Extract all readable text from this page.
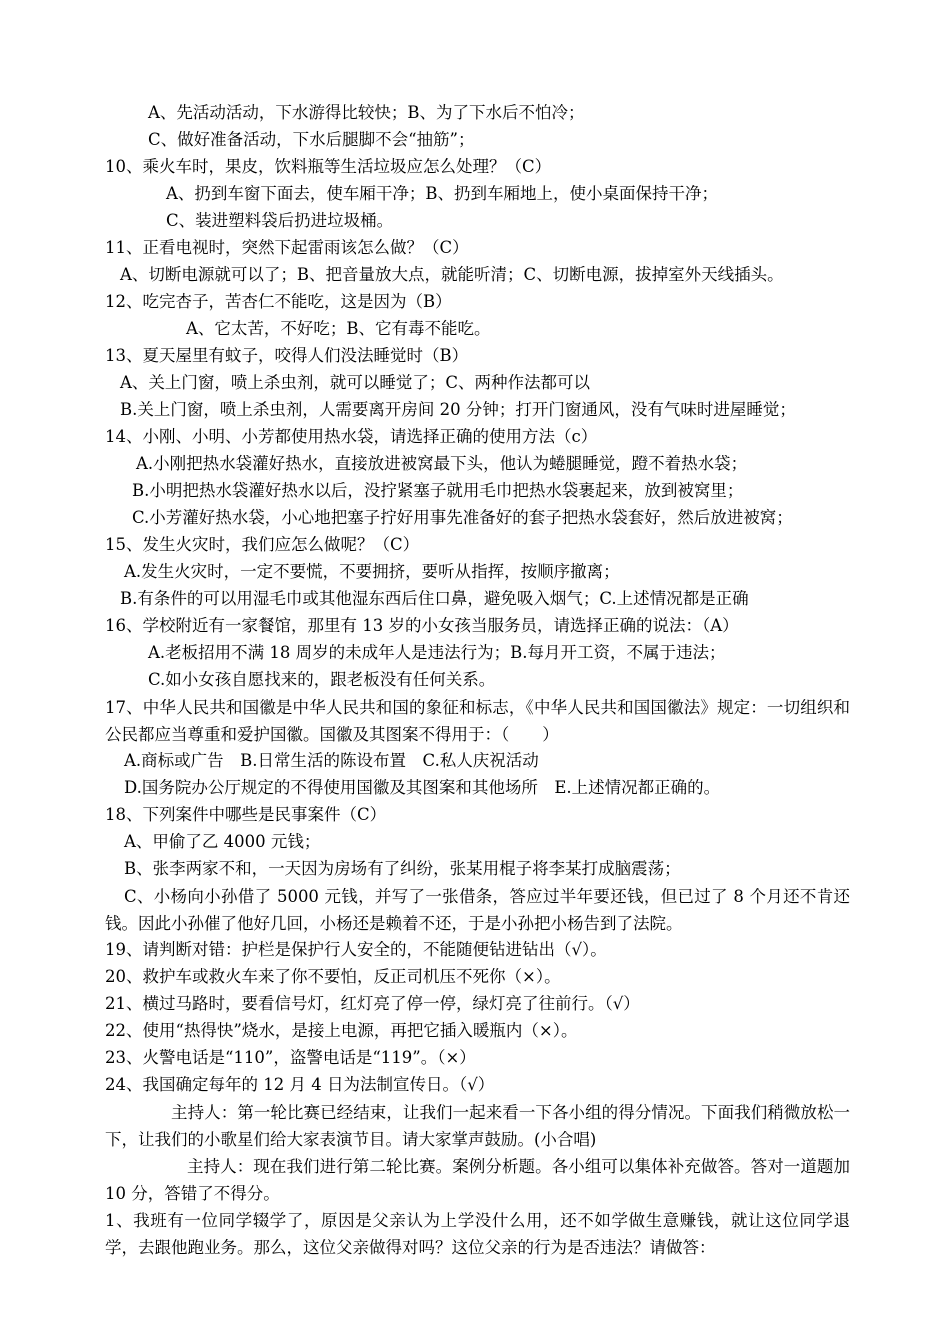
A、先活动活动，下水游得比较快；B、为了下水后不怕冷；
C、做好准备活动，下水后腿脚不会“抽筋”；
10、乘火车时，果皮，饮料瓶等生活垃圾应怎么处理？（C）
A、扔到车窗下面去，使车厢干净；B、扔到车厢地上，使小桌面保持干净；
C、装进塑料袋后扔进垃圾桶。
11、正看电视时，突然下起雷雨该怎么做？（C）
A、切断电源就可以了；B、把音量放大点，就能听清；C、切断电源，拔掉室外天线插头。
12、吃完杏子，苦杏仁不能吃，这是因为（B）
A、它太苦，不好吃；B、它有毒不能吃。
13、夏天屋里有蚊子，咬得人们没法睡觉时（B）
A、关上门窗，喷上杀虫剂，就可以睡觉了；C、两种作法都可以
B.关上门窗，喷上杀虫剂，人需要离开房间 20 分钟；打开门窗通风，没有气味时进屋睡觉；
14、小刚、小明、小芳都使用热水袋，请选择正确的使用方法（c）
A.小刚把热水袋灌好热水，直接放进被窝最下头，他认为蜷腿睡觉，蹬不着热水袋；
B.小明把热水袋灌好热水以后，没拧紧塞子就用毛巾把热水袋裹起来，放到被窝里；
C.小芳灌好热水袋，小心地把塞子拧好用事先准备好的套子把热水袋套好，然后放进被窝；
15、发生火灾时，我们应怎么做呢？（C）
A.发生火灾时，一定不要慌，不要拥挤，要听从指挥，按顺序撤离；
B.有条件的可以用湿毛巾或其他湿东西后住口鼻，避免吸入烟气；C.上述情况都是正确
16、学校附近有一家餐馆，那里有 13 岁的小女孩当服务员，请选择正确的说法：（A）
A.老板招用不满 18 周岁的未成年人是违法行为；B.每月开工资，不属于违法；
C.如小女孩自愿找来的，跟老板没有任何关系。
17、中华人民共和国徽是中华人民共和国的象征和标志，《中华人民共和国国徽法》规定：一切组织和公民都应当尊重和爱护国徽。国徽及其图案不得用于：（　　）
A.商标或广告　B.日常生活的陈设布置　C.私人庆祝活动
D.国务院办公厅规定的不得使用国徽及其图案和其他场所　E.上述情况都正确的。
18、下列案件中哪些是民事案件（C）
A、甲偷了乙 4000 元钱；
B、张李两家不和，一天因为房场有了纠纷，张某用棍子将李某打成脑震荡；
C、小杨向小孙借了 5000 元钱，并写了一张借条，答应过半年要还钱，但已过了 8 个月还不肯还钱。因此小孙催了他好几回，小杨还是赖着不还，于是小孙把小杨告到了法院。
19、请判断对错：护栏是保护行人安全的，不能随便钻进钻出（√）。
20、救护车或救火车来了你不要怕，反正司机压不死你（×）。
21、横过马路时，要看信号灯，红灯亮了停一停，绿灯亮了往前行。（√）
22、使用“热得快”烧水，是接上电源，再把它插入暖瓶内（×）。
23、火警电话是“110”，盗警电话是“119”。（×）
24、我国确定每年的 12 月 4 日为法制宣传日。（√）
主持人：第一轮比赛已经结束，让我们一起来看一下各小组的得分情况。下面我们稍微放松一下，让我们的小歌星们给大家表演节目。请大家掌声鼓励。(小合唱)
主持人：现在我们进行第二轮比赛。案例分析题。各小组可以集体补充做答。答对一道题加 10 分，答错了不得分。
1、我班有一位同学辍学了，原因是父亲认为上学没什么用，还不如学做生意赚钱，就让这位同学退学，去跟他跑业务。那么，这位父亲做得对吗？这位父亲的行为是否违法？请做答：
